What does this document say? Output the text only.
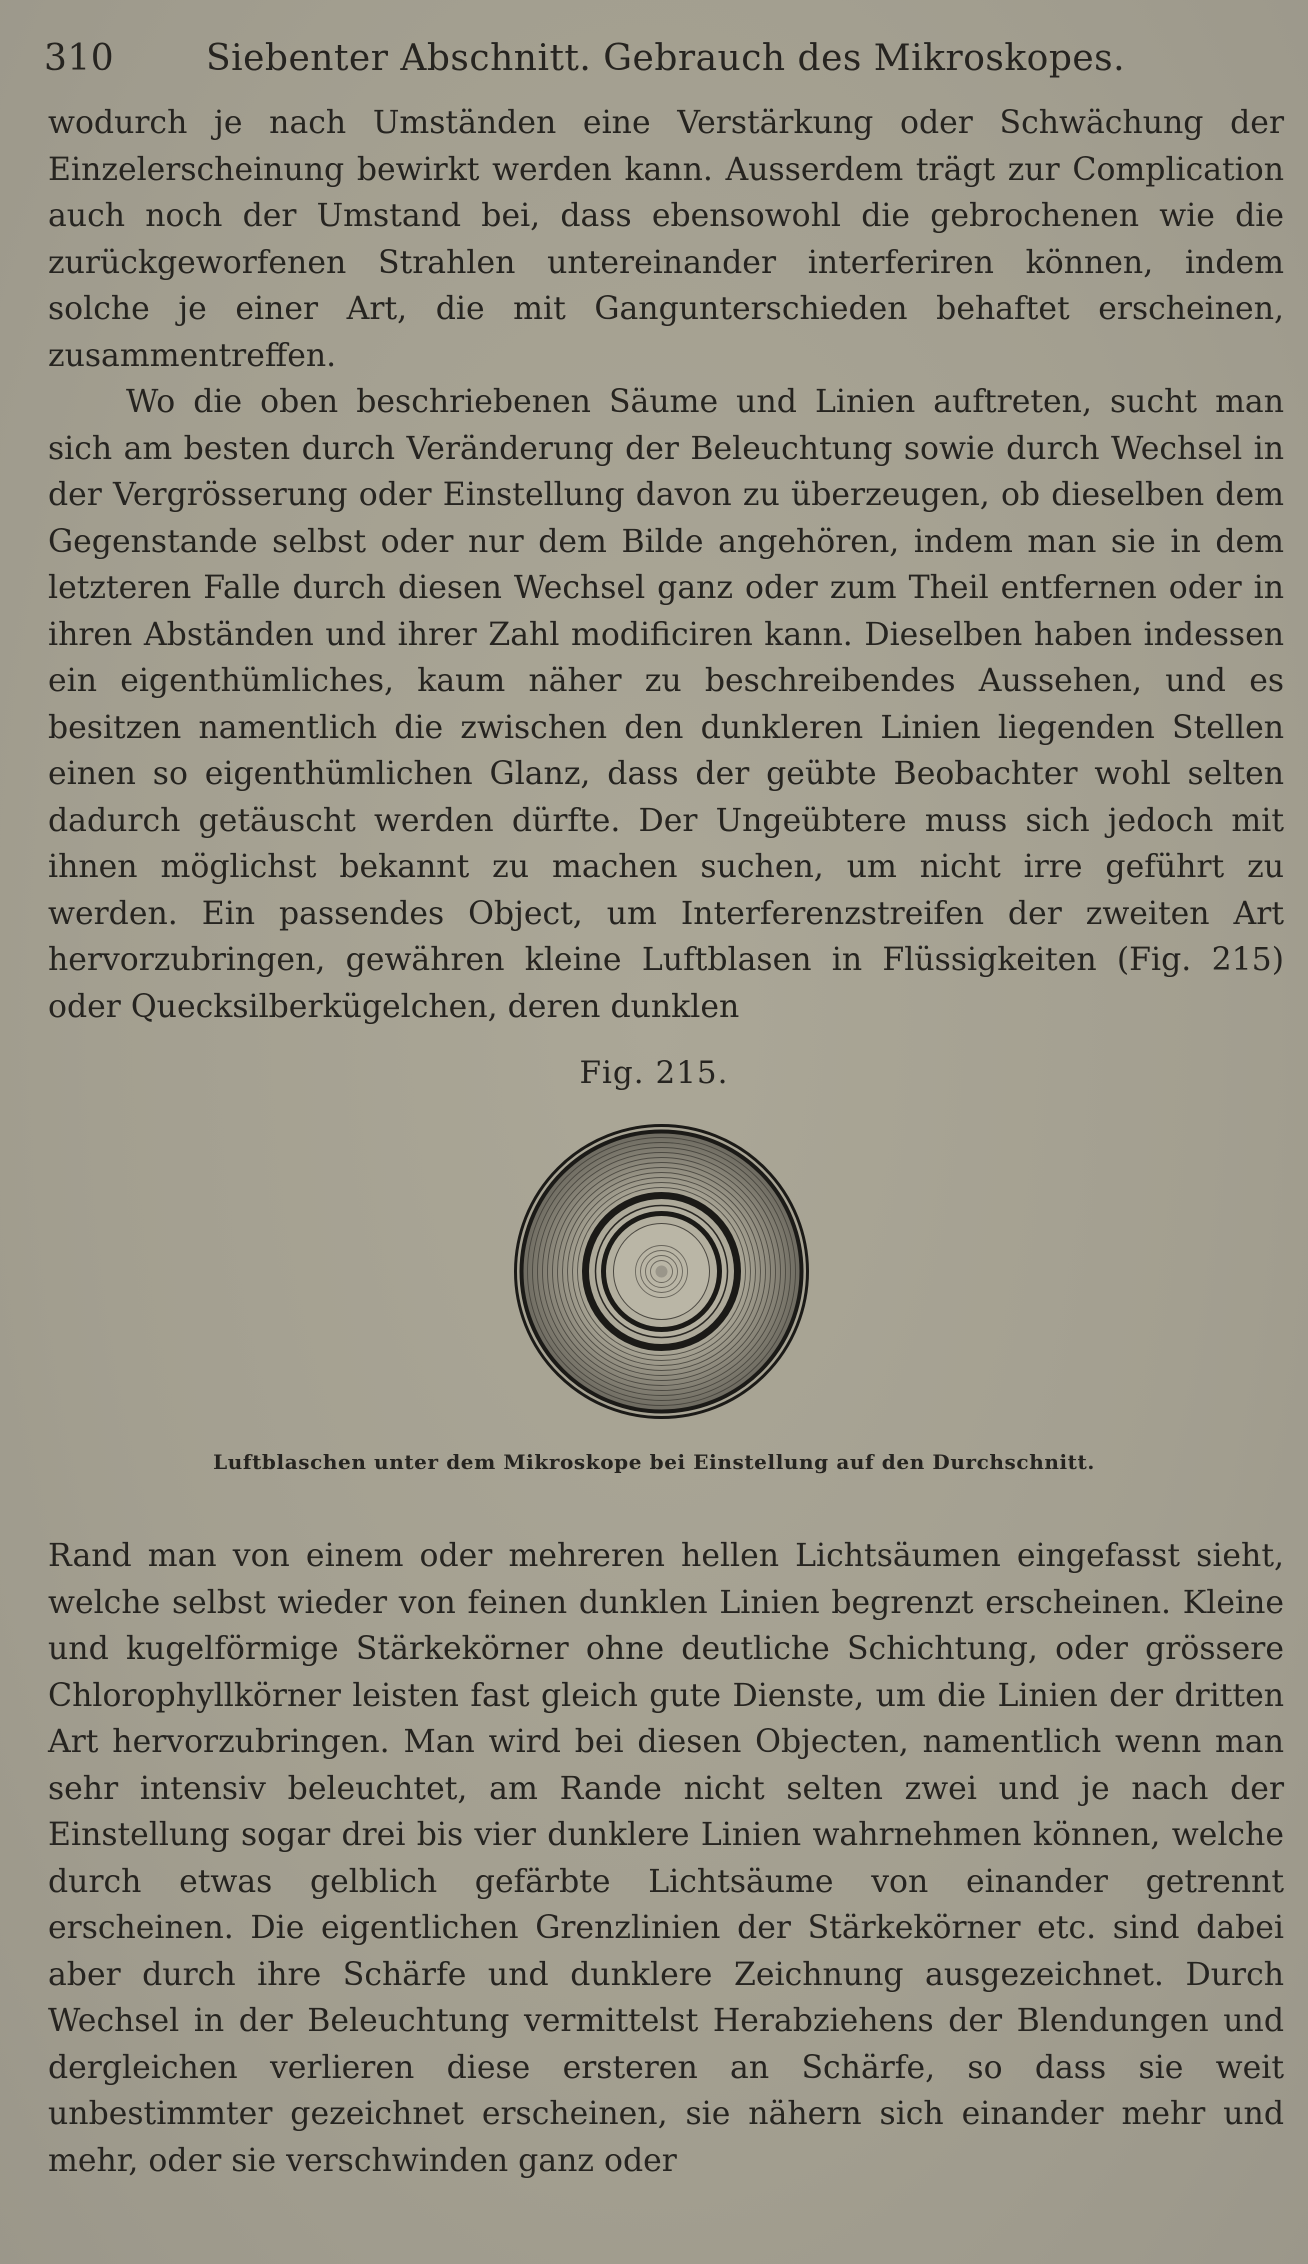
310	Siebenter Abschnitt. Gebrauch des Mikroskopes.

wodurch je nach Umständen eine Verstärkung oder Schwächung der Einzelerscheinung bewirkt werden kann. Ausserdem trägt zur Complication auch noch der Umstand bei, dass ebensowohl die gebrochenen wie die zurückgeworfenen Strahlen untereinander interferiren können, indem solche je einer Art, die mit Gangunterschieden behaftet erscheinen, zusammentreffen.

Wo die oben beschriebenen Säume und Linien auftreten, sucht man sich am besten durch Veränderung der Beleuchtung sowie durch Wechsel in der Vergrösserung oder Einstellung davon zu überzeugen, ob dieselben dem Gegenstande selbst oder nur dem Bilde angehören, indem man sie in dem letzteren Falle durch diesen Wechsel ganz oder zum Theil entfernen oder in ihren Abständen und ihrer Zahl modificiren kann. Dieselben haben indessen ein eigenthümliches, kaum näher zu beschreibendes Aussehen, und es besitzen namentlich die zwischen den dunkleren Linien liegenden Stellen einen so eigenthümlichen Glanz, dass der geübte Beobachter wohl selten dadurch getäuscht werden dürfte. Der Ungeübtere muss sich jedoch mit ihnen möglichst bekannt zu machen suchen, um nicht irre geführt zu werden. Ein passendes Object, um Interferenzstreifen der zweiten Art hervorzubringen, gewähren kleine Luftblasen in Flüssigkeiten (Fig. 215) oder Quecksilberkügelchen, deren dunklen

Fig. 215.
Luftblaschen unter dem Mikroskope bei Einstellung auf den Durchschnitt.

Rand man von einem oder mehreren hellen Lichtsäumen eingefasst sieht, welche selbst wieder von feinen dunklen Linien begrenzt erscheinen. Kleine und kugelförmige Stärkekörner ohne deutliche Schichtung, oder grössere Chlorophyllkörner leisten fast gleich gute Dienste, um die Linien der dritten Art hervorzubringen. Man wird bei diesen Objecten, namentlich wenn man sehr intensiv beleuchtet, am Rande nicht selten zwei und je nach der Einstellung sogar drei bis vier dunklere Linien wahrnehmen können, welche durch etwas gelblich gefärbte Lichtsäume von einander getrennt erscheinen. Die eigentlichen Grenzlinien der Stärkekörner etc. sind dabei aber durch ihre Schärfe und dunklere Zeichnung ausgezeichnet. Durch Wechsel in der Beleuchtung vermittelst Herabziehens der Blendungen und dergleichen verlieren diese ersteren an Schärfe, so dass sie weit unbestimmter gezeichnet erscheinen, sie nähern sich einander mehr und mehr, oder sie verschwinden ganz oder
